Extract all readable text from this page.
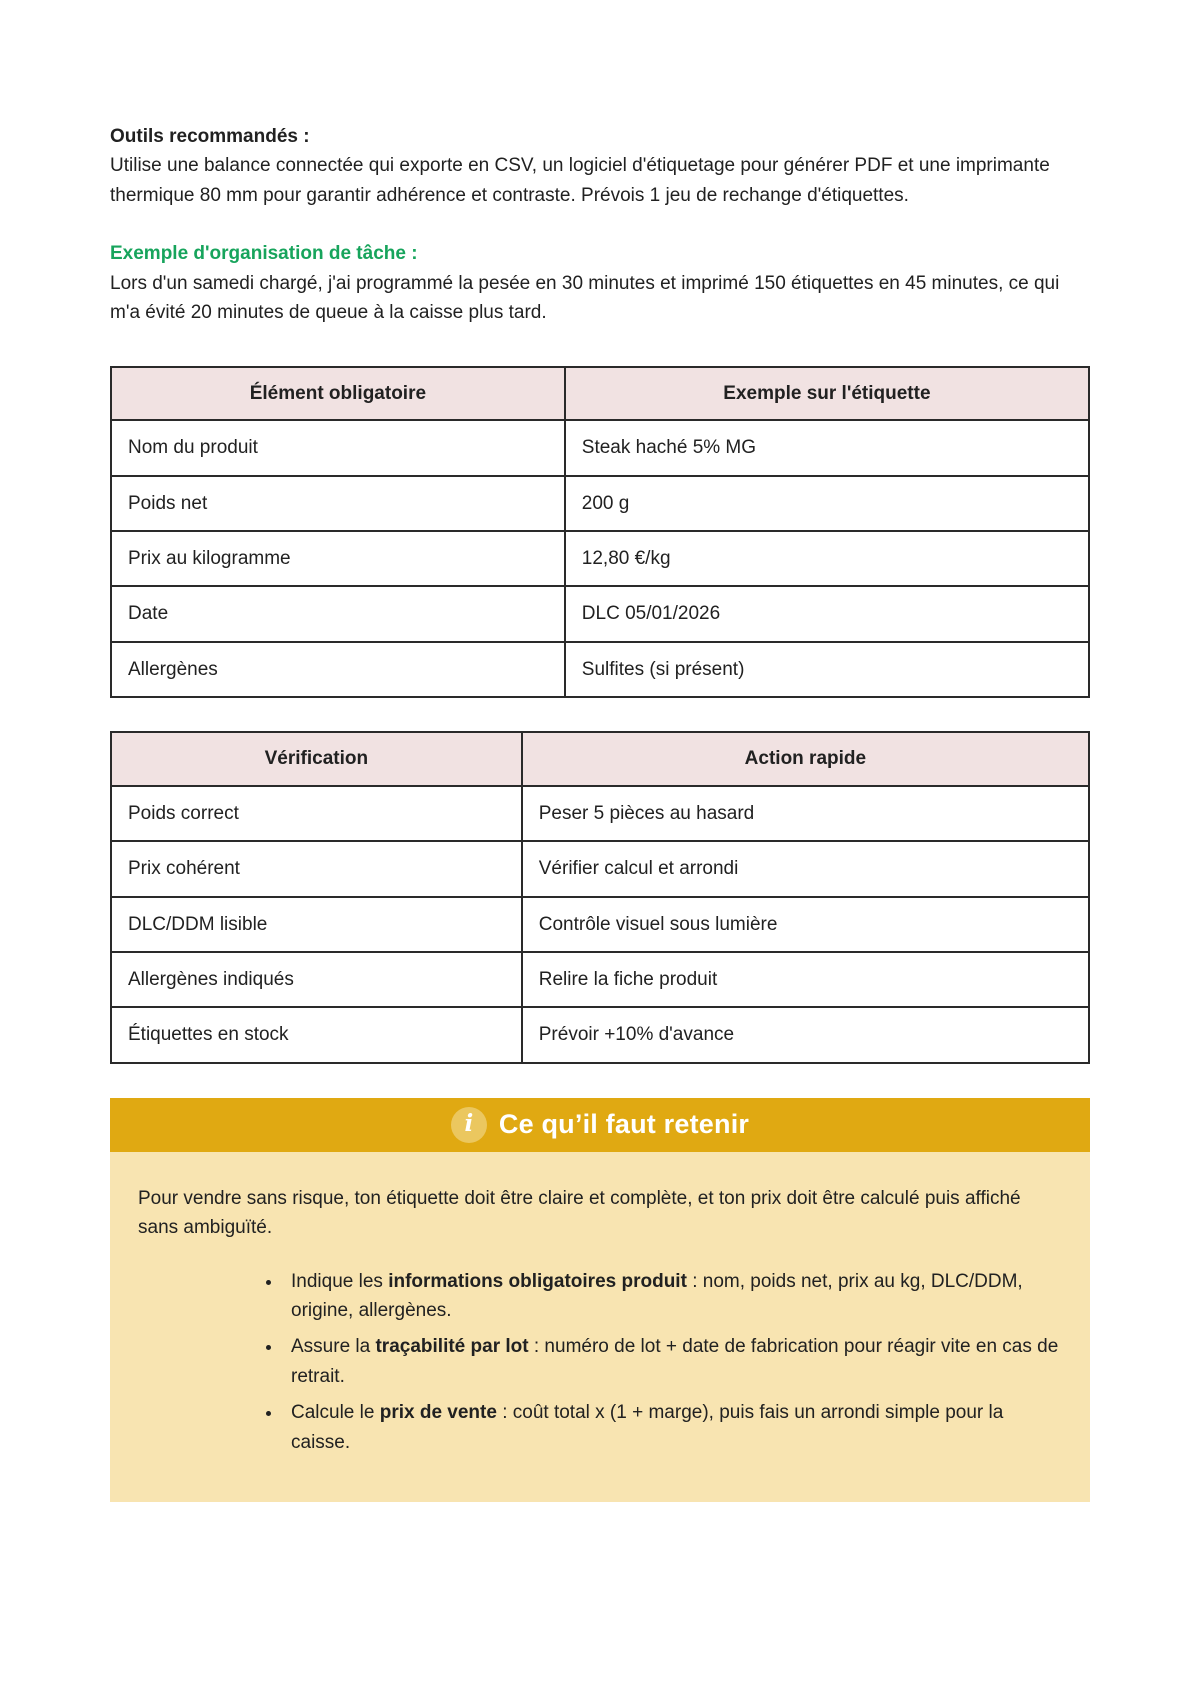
Outils recommandés :

Utilise une balance connectée qui exporte en CSV, un logiciel d'étiquetage pour générer PDF et une imprimante thermique 80 mm pour garantir adhérence et contraste. Prévois 1 jeu de rechange d'étiquettes.

Exemple d'organisation de tâche :

Lors d'un samedi chargé, j'ai programmé la pesée en 30 minutes et imprimé 150 étiquettes en 45 minutes, ce qui m'a évité 20 minutes de queue à la caisse plus tard.

Élément obligatoire	Exemple sur l'étiquette
Nom du produit	Steak haché 5% MG
Poids net	200 g
Prix au kilogramme	12,80 €/kg
Date	DLC 05/01/2026
Allergènes	Sulfites (si présent)
Vérification	Action rapide
Poids correct	Peser 5 pièces au hasard
Prix cohérent	Vérifier calcul et arrondi
DLC/DDM lisible	Contrôle visuel sous lumière
Allergènes indiqués	Relire la fiche produit
Étiquettes en stock	Prévoir +10% d'avance
i Ce qu’il faut retenir

Pour vendre sans risque, ton étiquette doit être claire et complète, et ton prix doit être calculé puis affiché sans ambiguïté.

• Indique les informations obligatoires produit : nom, poids net, prix au kg, DLC/DDM, origine, allergènes.
• Assure la traçabilité par lot : numéro de lot + date de fabrication pour réagir vite en cas de retrait.
• Calcule le prix de vente : coût total x (1 + marge), puis fais un arrondi simple pour la caisse.
